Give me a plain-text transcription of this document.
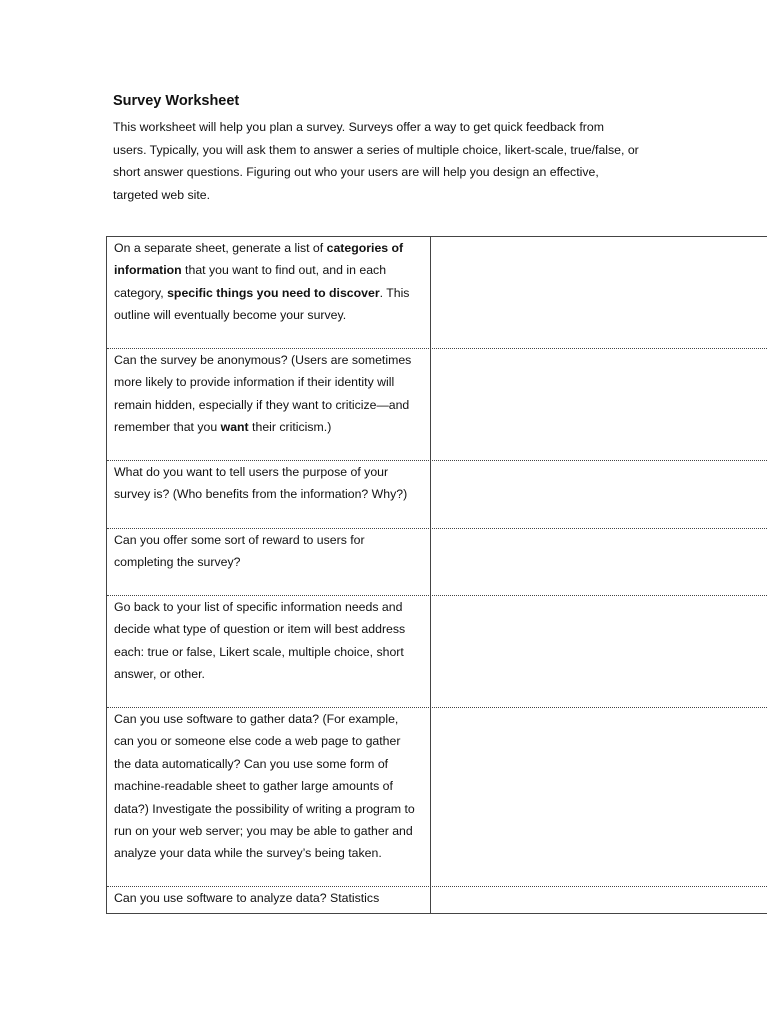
Survey Worksheet

This worksheet will help you plan a survey. Surveys offer a way to get quick feedback from
users. Typically, you will ask them to answer a series of multiple choice, likert-scale, true/false, or
short answer questions. Figuring out who your users are will help you design an effective,
targeted web site.

On a separate sheet, generate a list of categories of
information that you want to find out, and in each
category, specific things you need to discover. This
outline will eventually become your survey.
Can the survey be anonymous? (Users are sometimes
more likely to provide information if their identity will
remain hidden, especially if they want to criticize—and
remember that you want their criticism.)
What do you want to tell users the purpose of your
survey is? (Who benefits from the information? Why?)
Can you offer some sort of reward to users for
completing the survey?
Go back to your list of specific information needs and
decide what type of question or item will best address
each: true or false, Likert scale, multiple choice, short
answer, or other.
Can you use software to gather data? (For example,
can you or someone else code a web page to gather
the data automatically? Can you use some form of
machine-readable sheet to gather large amounts of
data?) Investigate the possibility of writing a program to
run on your web server; you may be able to gather and
analyze your data while the survey’s being taken.
Can you use software to analyze data? Statistics
